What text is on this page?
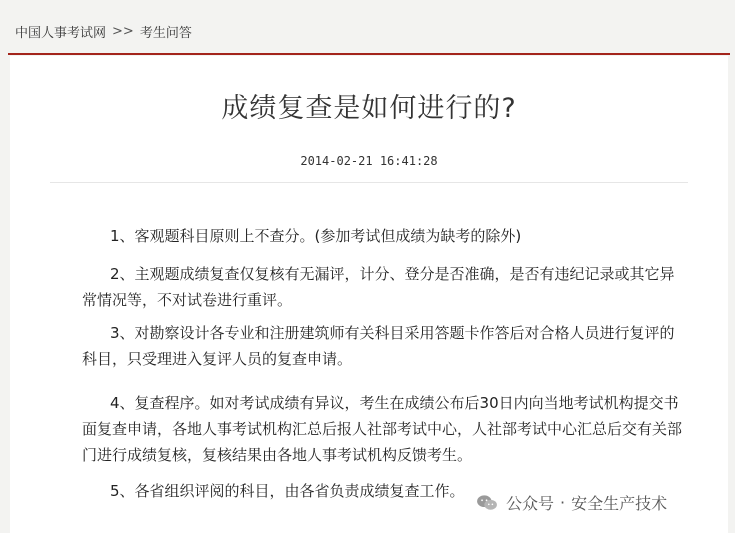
中国人事考试网 >> 考生问答
成绩复查是如何进行的?
2014-02-21 16:41:28
1、客观题科目原则上不查分。(参加考试但成绩为缺考的除外)
2、主观题成绩复查仅复核有无漏评，计分、登分是否准确，是否有违纪记录或其它异常情况等，不对试卷进行重评。
3、对勘察设计各专业和注册建筑师有关科目采用答题卡作答后对合格人员进行复评的科目，只受理进入复评人员的复查申请。
4、复查程序。如对考试成绩有异议，考生在成绩公布后30日内向当地考试机构提交书面复查申请，各地人事考试机构汇总后报人社部考试中心，人社部考试中心汇总后交有关部门进行成绩复核，复核结果由各地人事考试机构反馈考生。
5、各省组织评阅的科目，由各省负责成绩复查工作。
公众号 · 安全生产技术
